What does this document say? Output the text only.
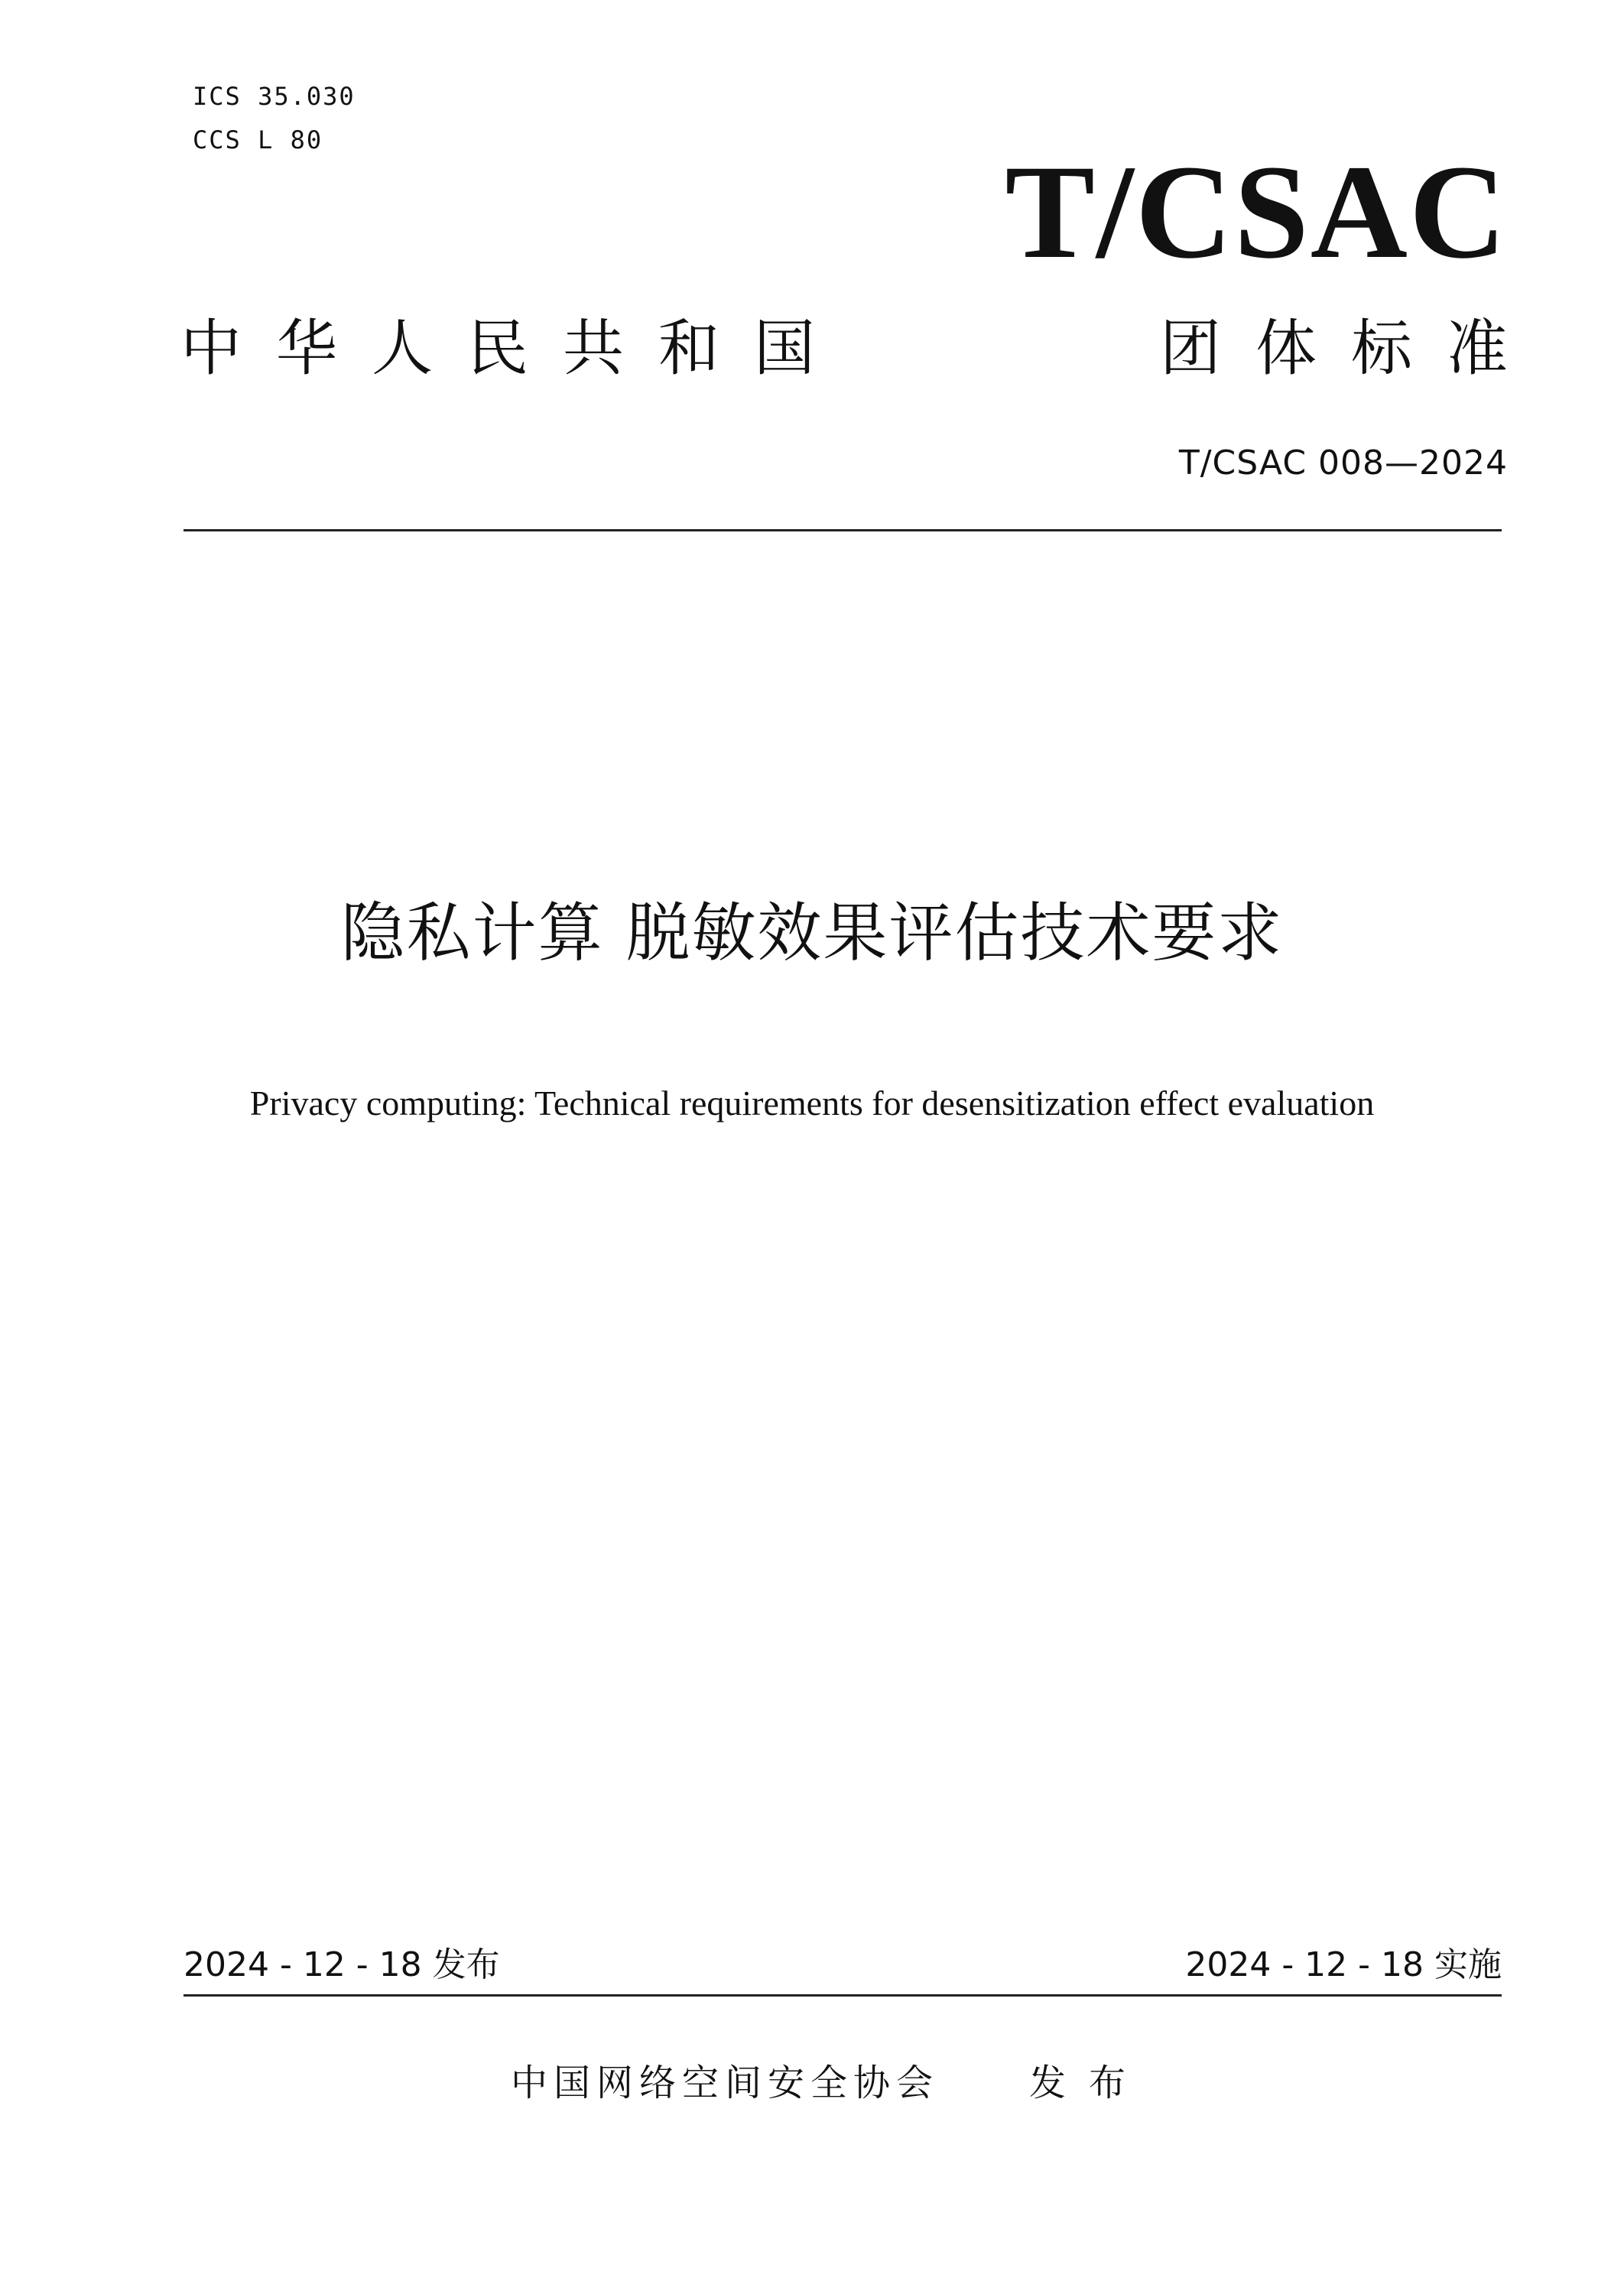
ICS 35.030
CCS L 80	T/CSAC
中华人民共和国	团体标准
T/CSAC 008—2024
隐私计算 脱敏效果评估技术要求
Privacy computing: Technical requirements for desensitization effect evaluation
2024 - 12 - 18 发布	2024 - 12 - 18 实施
中国网络空间安全协会 发布
